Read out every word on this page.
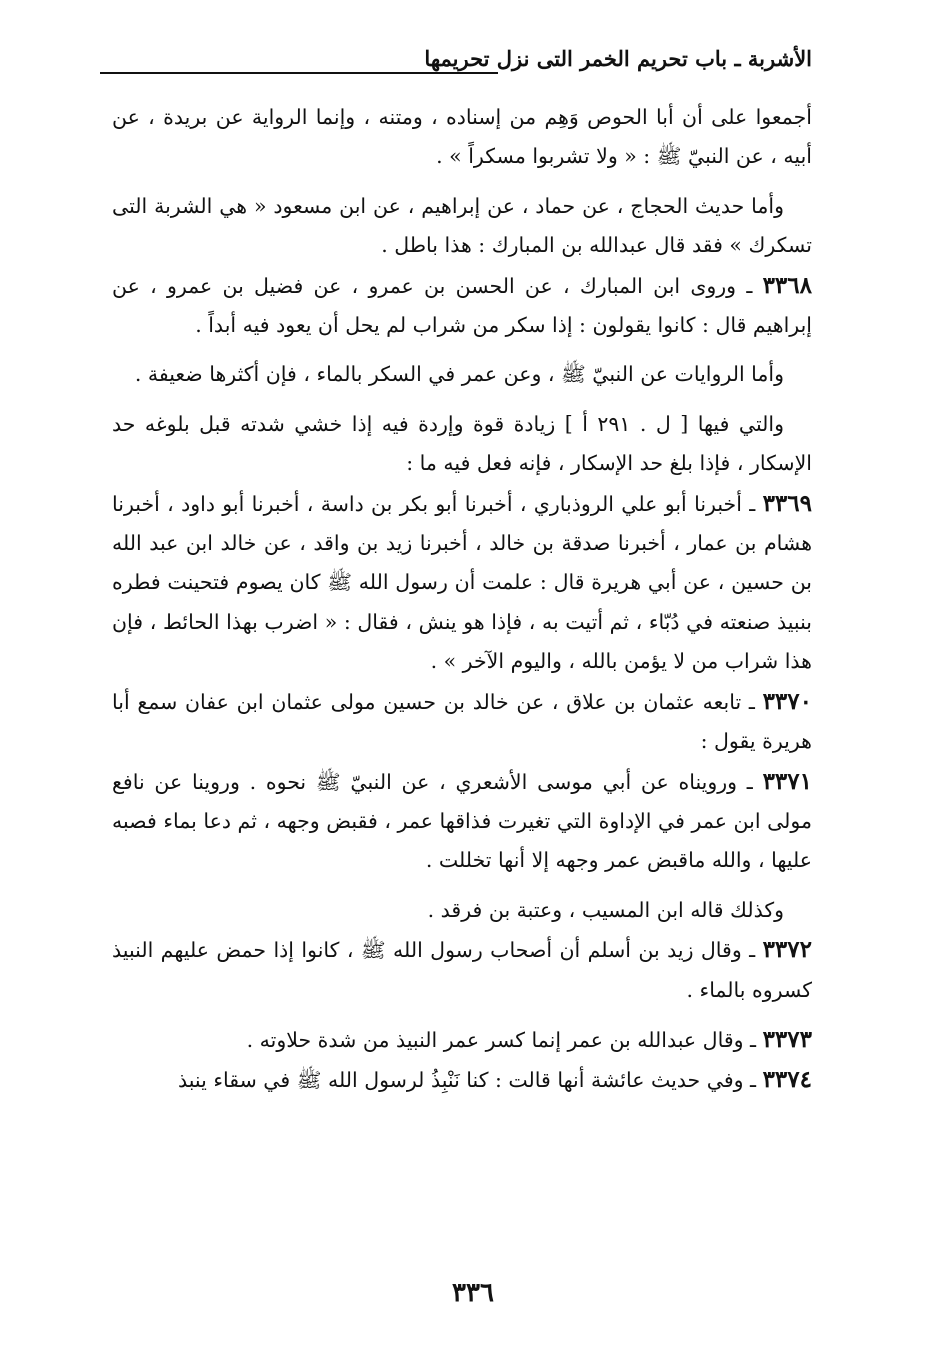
الأشربة ـ باب تحريم الخمر التى نزل تحريمها

أجمعوا على أن أبا الحوص وَهِم من إسناده ، ومتنه ، وإنما الرواية عن بريدة ، عن أبيه ، عن النبيّ ﷺ : « ولا تشربوا مسكراً » .

وأما حديث الحجاج ، عن حماد ، عن إبراهيم ، عن ابن مسعود « هي الشربة التى تسكرك » فقد قال عبدالله بن المبارك : هذا باطل .

٣٣٦٨ ـ وروى ابن المبارك ، عن الحسن بن عمرو ، عن فضيل بن عمرو ، عن إبراهيم قال : كانوا يقولون : إذا سكر من شراب لم يحل أن يعود فيه أبداً .

وأما الروايات عن النبيّ ﷺ ، وعن عمر في السكر بالماء ، فإن أكثرها ضعيفة .

والتي فيها [ ل . ٢٩١ أ ] زيادة قوة وإردة فيه إذا خشي شدته قبل بلوغه حد الإسكار ، فإذا بلغ حد الإسكار ، فإنه فعل فيه ما :

٣٣٦٩ ـ أخبرنا أبو علي الروذباري ، أخبرنا أبو بكر بن داسة ، أخبرنا أبو داود ، أخبرنا هشام بن عمار ، أخبرنا صدقة بن خالد ، أخبرنا زيد بن واقد ، عن خالد ابن عبد الله بن حسين ، عن أبي هريرة قال : علمت أن رسول الله ﷺ كان يصوم فتحينت فطره بنبيذ صنعته في دُبّاء ، ثم أتيت به ، فإذا هو ينش ، فقال : « اضرب بهذا الحائط ، فإن هذا شراب من لا يؤمن بالله ، واليوم الآخر » .

٣٣٧٠ ـ تابعه عثمان بن علاق ، عن خالد بن حسين مولى عثمان ابن عفان سمع أبا هريرة يقول :

٣٣٧١ ـ ورويناه عن أبي موسى الأشعري ، عن النبيّ ﷺ نحوه . وروينا عن نافع مولى ابن عمر في الإداوة التي تغيرت فذاقها عمر ، فقبض وجهه ، ثم دعا بماء فصبه عليها ، والله ماقبض عمر وجهه إلا أنها تخللت .

وكذلك قاله ابن المسيب ، وعتبة بن فرقد .

٣٣٧٢ ـ وقال زيد بن أسلم أن أصحاب رسول الله ﷺ ، كانوا إذا حمض عليهم النبيذ كسروه بالماء .

٣٣٧٣ ـ وقال عبدالله بن عمر إنما كسر عمر النبيذ من شدة حلاوته .

٣٣٧٤ ـ وفي حديث عائشة أنها قالت : كنا نَنْبِذُ لرسول الله ﷺ في سقاء ينبذ

٣٣٦
